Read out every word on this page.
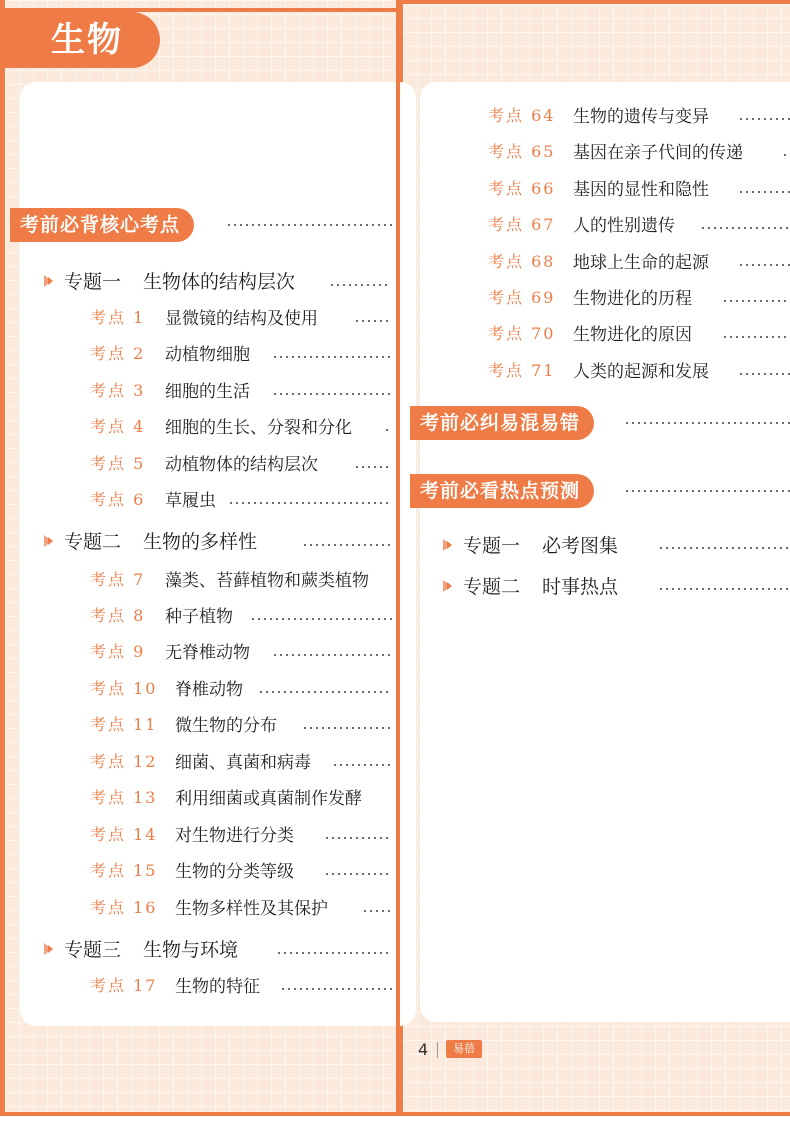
生物
考前必背核心考点
专题一 生物体的结构层次
考点 1 显微镜的结构及使用
考点 2 动植物细胞
考点 3 细胞的生活
考点 4 细胞的生长、分裂和分化
考点 5 动植物体的结构层次
考点 6 草履虫
专题二 生物的多样性
考点 7 藻类、苔藓植物和蕨类植物
考点 8 种子植物
考点 9 无脊椎动物
考点 10 脊椎动物
考点 11 微生物的分布
考点 12 细菌、真菌和病毒
考点 13 利用细菌或真菌制作发酵
考点 14 对生物进行分类
考点 15 生物的分类等级
考点 16 生物多样性及其保护
专题三 生物与环境
考点 17 生物的特征
考点 64 生物的遗传与变异
考点 65 基因在亲子代间的传递
考点 66 基因的显性和隐性
考点 67 人的性别遗传
考点 68 地球上生命的起源
考点 69 生物进化的历程
考点 70 生物进化的原因
考点 71 人类的起源和发展
考前必纠易混易错
考前必看热点预测
专题一 必考图集
专题二 时事热点
4	易蓓
